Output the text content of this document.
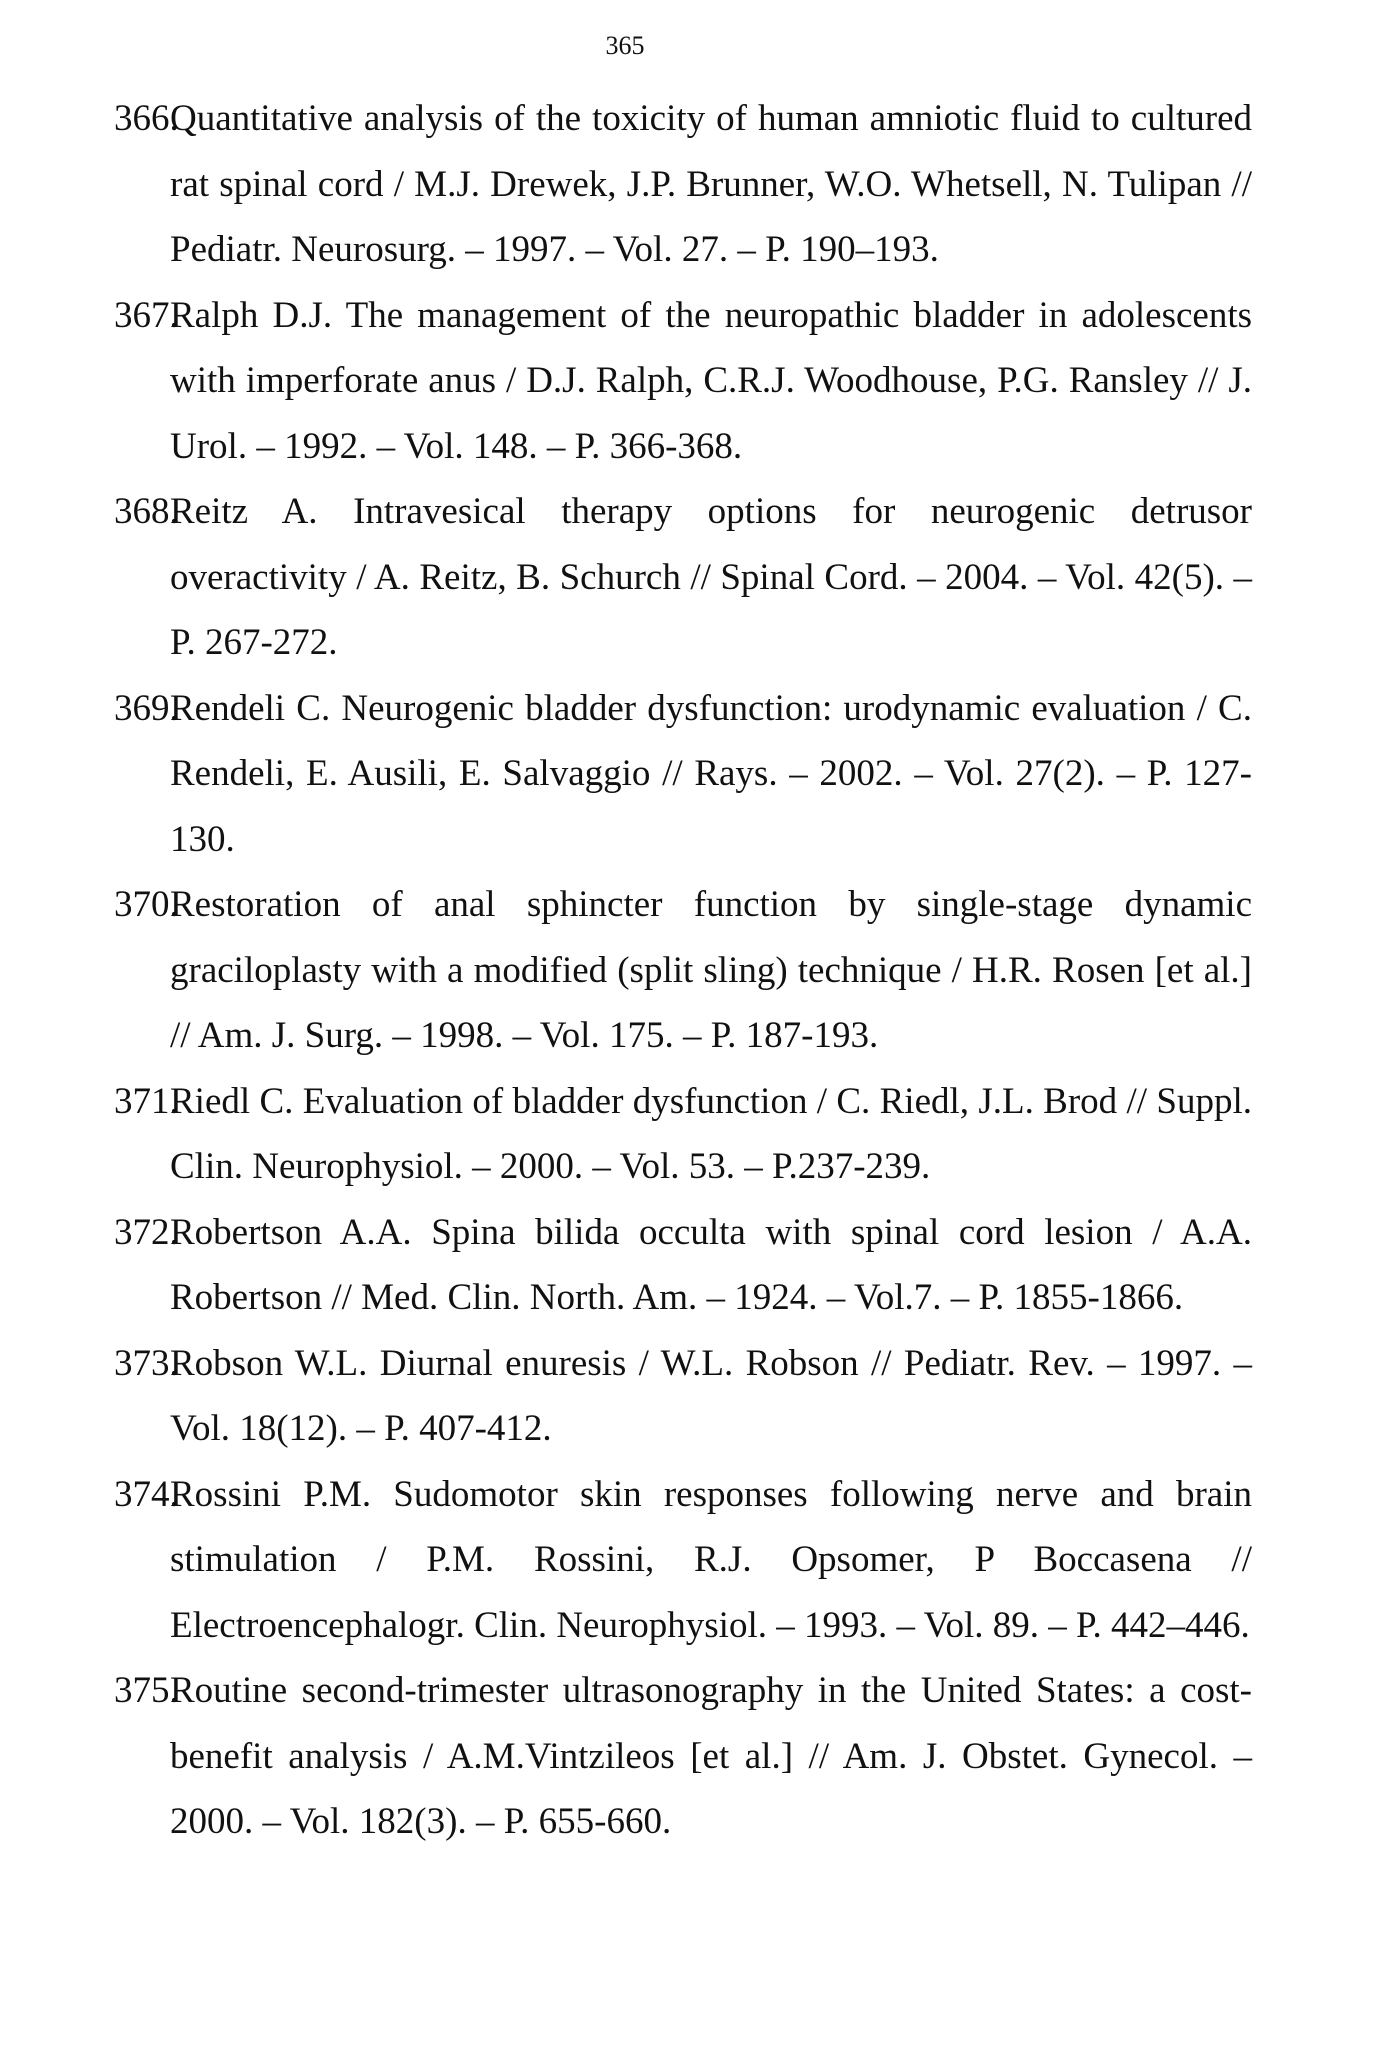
365
366.
Quantitative analysis of the toxicity of human amniotic fluid to cultured rat spinal cord / M.J. Drewek, J.P. Brunner, W.O. Whetsell, N. Tulipan // Pediatr. Neurosurg. – 1997. – Vol. 27. – P. 190–193.
367.
Ralph D.J. The management of the neuropathic bladder in adolescents with imperforate anus / D.J. Ralph, C.R.J. Woodhouse, P.G. Ransley // J. Urol. – 1992. – Vol. 148. – P. 366-368.
368.
Reitz A. Intravesical therapy options for neurogenic detrusor overactivity / A. Reitz, B. Schurch // Spinal Cord. – 2004. – Vol. 42(5). – P. 267-272.
369.
Rendeli C. Neurogenic bladder dysfunction: urodynamic evaluation / C. Rendeli, E. Ausili, E. Salvaggio // Rays. – 2002. – Vol. 27(2). – P. 127-130.
370.
Restoration of anal sphincter function by single-stage dynamic graciloplasty with a modified (split sling) technique / H.R. Rosen [et al.] // Am. J. Surg. – 1998. – Vol. 175. – P. 187-193.
371.
Riedl C. Evaluation of bladder dysfunction / C. Riedl, J.L. Brod // Suppl. Clin. Neurophysiol. – 2000. – Vol. 53. – P.237-239.
372.
Robertson A.A. Spina bilida occulta with spinal cord lesion / A.A. Robertson // Med. Clin. North. Am. – 1924. – Vol.7. – P. 1855-1866.
373.
Robson W.L. Diurnal enuresis / W.L. Robson // Pediatr. Rev. – 1997. – Vol. 18(12). – P. 407-412.
374.
Rossini P.M. Sudomotor skin responses following nerve and brain stimulation / P.M. Rossini, R.J. Opsomer, P Boccasena // Electroencephalogr. Clin. Neurophysiol. – 1993. – Vol. 89. – P. 442–446.
375.
Routine second-trimester ultrasonography in the United States: a cost-benefit analysis / A.M.Vintzileos [et al.] // Am. J. Obstet. Gynecol. – 2000. – Vol. 182(3). – P. 655-660.
